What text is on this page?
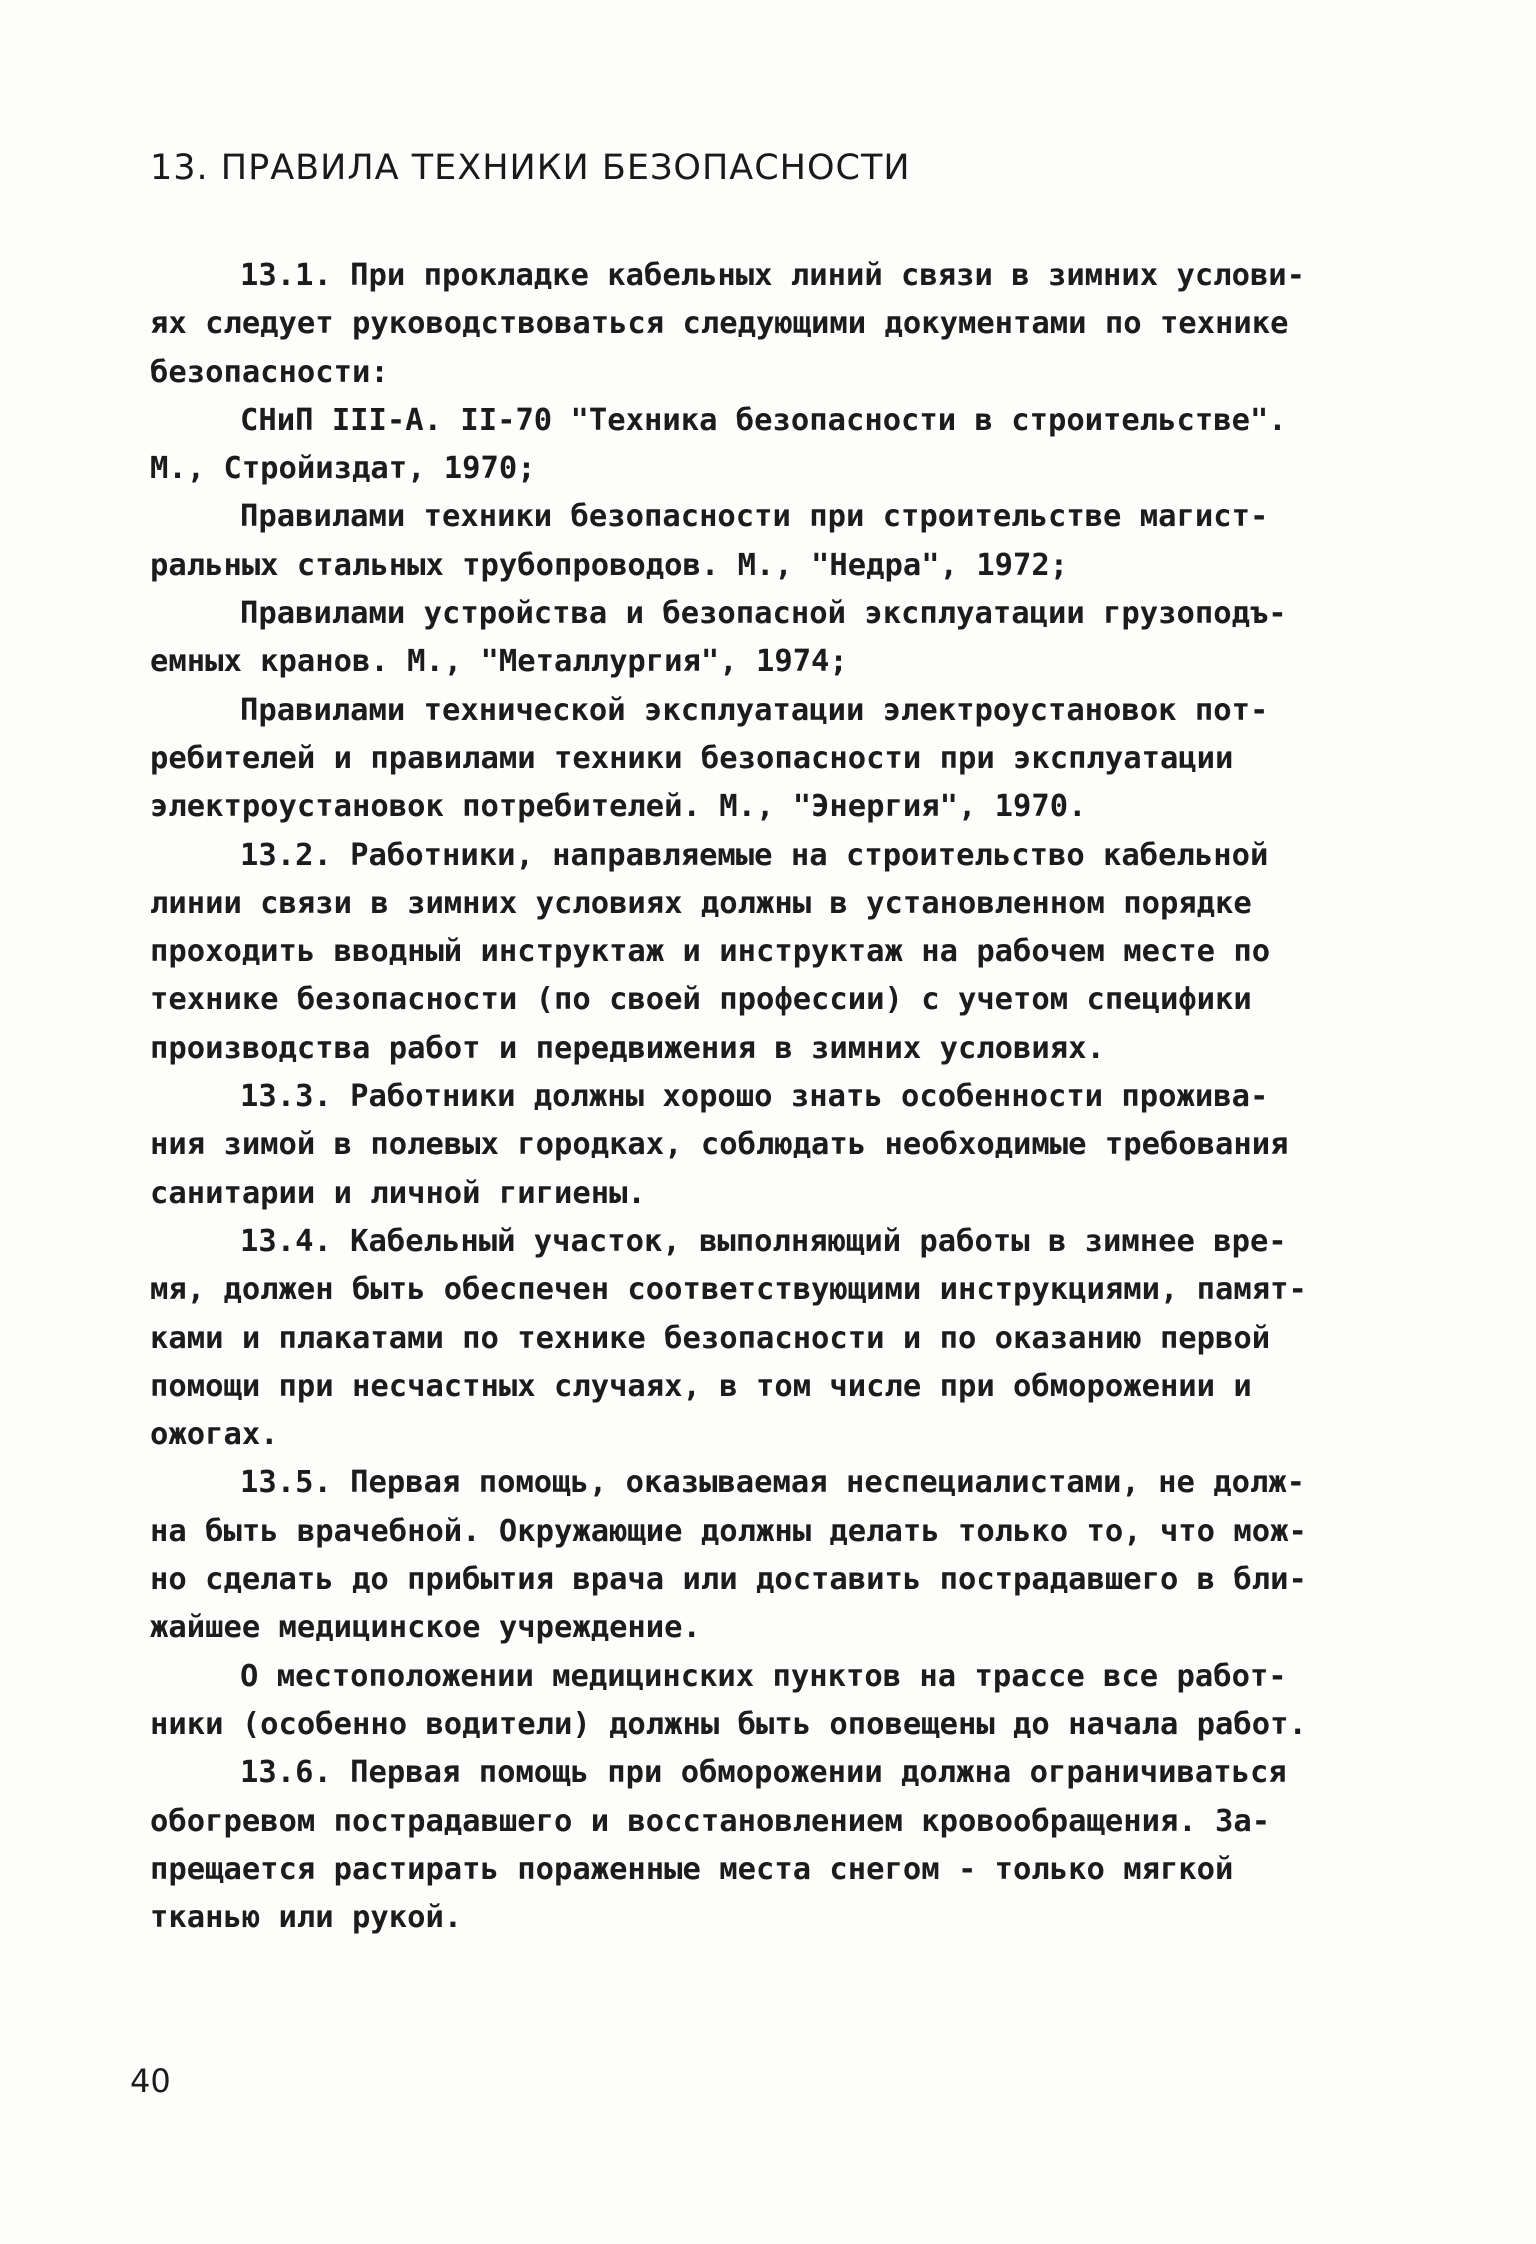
13. ПРАВИЛА ТЕХНИКИ БЕЗОПАСНОСТИ
13.1. При прокладке кабельных линий связи в зимних услови-
ях следует руководствоваться следующими документами по технике
безопасности:
СНиП III-А. II-70 "Техника безопасности в строительстве".
М., Стройиздат, 1970;
Правилами техники безопасности при строительстве магист-
ральных стальных трубопроводов. М., "Недра", 1972;
Правилами устройства и безопасной эксплуатации грузоподъ-
емных кранов. М., "Металлургия", 1974;
Правилами технической эксплуатации электроустановок пот-
ребителей и правилами техники безопасности при эксплуатации
электроустановок потребителей. М., "Энергия", 1970.
13.2. Работники, направляемые на строительство кабельной
линии связи в зимних условиях должны в установленном порядке
проходить вводный инструктаж и инструктаж на рабочем месте по
технике безопасности (по своей профессии) с учетом специфики
производства работ и передвижения в зимних условиях.
13.3. Работники должны хорошо знать особенности прожива-
ния зимой в полевых городках, соблюдать необходимые требования
санитарии и личной гигиены.
13.4. Кабельный участок, выполняющий работы в зимнее вре-
мя, должен быть обеспечен соответствующими инструкциями, памят-
ками и плакатами по технике безопасности и по оказанию первой
помощи при несчастных случаях, в том числе при обморожении и
ожогах.
13.5. Первая помощь, оказываемая неспециалистами, не долж-
на быть врачебной. Окружающие должны делать только то, что мож-
но сделать до прибытия врача или доставить пострадавшего в бли-
жайшее медицинское учреждение.
О местоположении медицинских пунктов на трассе все работ-
ники (особенно водители) должны быть оповещены до начала работ.
13.6. Первая помощь при обморожении должна ограничиваться
обогревом пострадавшего и восстановлением кровообращения. За-
прещается растирать пораженные места снегом - только мягкой
тканью или рукой.
40
